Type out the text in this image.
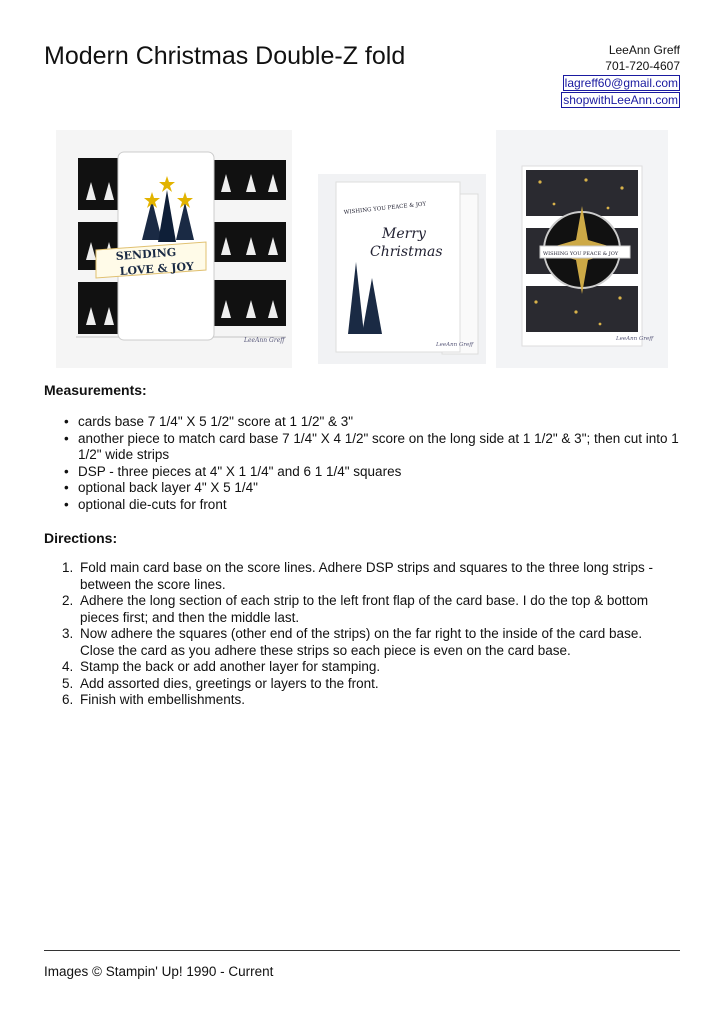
Modern Christmas Double-Z fold	LeeAnn Greff
701-720-4607
lagreff60@gmail.com
shopwithLeeAnn.com
SENDING
LOVE & JOY
LeeAnn Greff
WISHING YOU PEACE & JOY
Merry
Christmas
LeeAnn Greff
WISHING YOU PEACE & JOY
LeeAnn Greff
Measurements:
• cards base 7 1/4" X 5 1/2" score at 1 1/2" & 3"
• another piece to match card base 7 1/4" X 4 1/2" score on the long side at 1 1/2" & 3"; then cut into 1 1/2" wide strips
• DSP - three pieces at 4" X 1 1/4" and 6 1 1/4" squares
• optional back layer 4" X 5 1/4"
• optional die-cuts for front
Directions:
1. Fold main card base on the score lines. Adhere DSP strips and squares to the three long strips - between the score lines.
2. Adhere the long section of each strip to the left front flap of the card base. I do the top & bottom pieces first; and then the middle last.
3. Now adhere the squares (other end of the strips) on the far right to the inside of the card base. Close the card as you adhere these strips so each piece is even on the card base.
4. Stamp the back or add another layer for stamping.
5. Add assorted dies, greetings or layers to the front.
6. Finish with embellishments.
Images © Stampin' Up! 1990 - Current
